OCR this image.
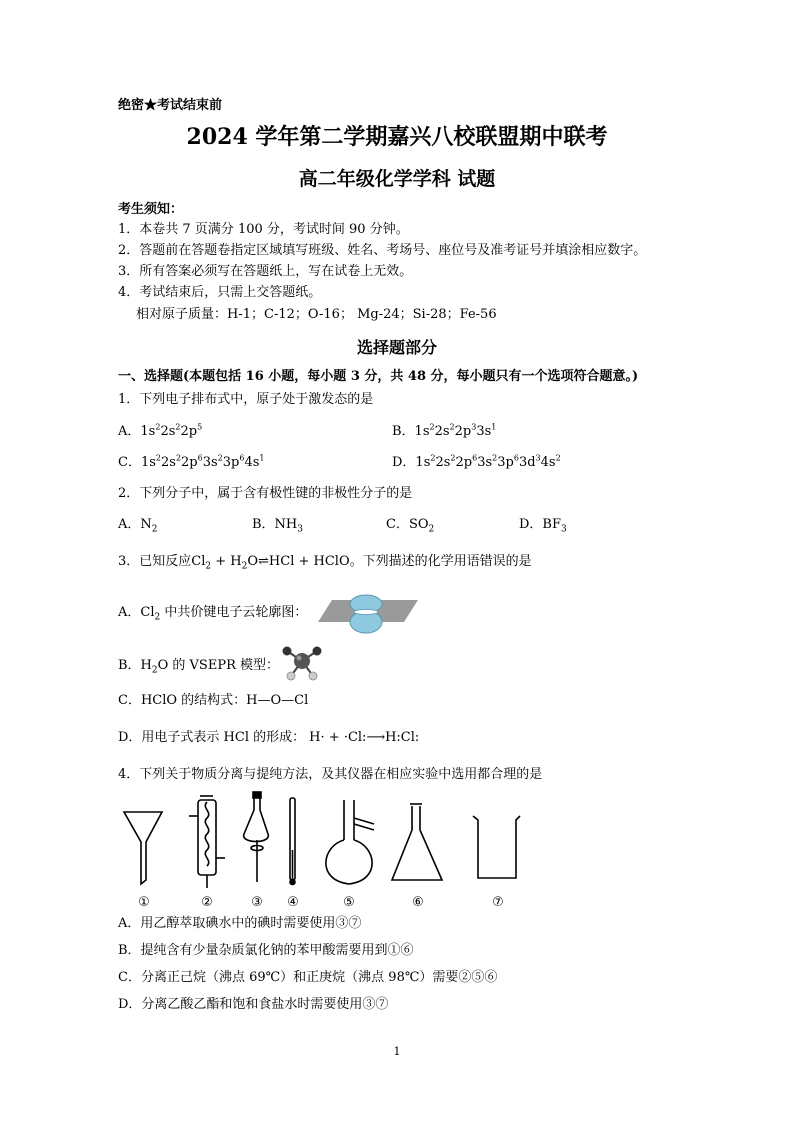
绝密★考试结束前
2024 学年第二学期嘉兴八校联盟期中联考
高二年级化学学科 试题
考生须知：
1．本卷共 7 页满分 100 分，考试时间 90 分钟。
2．答题前在答题卷指定区域填写班级、姓名、考场号、座位号及准考证号并填涂相应数字。
3．所有答案必须写在答题纸上，写在试卷上无效。
4．考试结束后，只需上交答题纸。
相对原子质量：H-1；C-12；O-16； Mg-24；Si-28；Fe-56
选择题部分
一、选择题(本题包括 16 小题，每小题 3 分，共 48 分，每小题只有一个选项符合题意。)
1．下列电子排布式中，原子处于激发态的是
A．$1s^22s^22p^5$	B．$1s^22s^22p^33s^1$
C．$1s^22s^22p^63s^23p^64s^1$	D．$1s^22s^22p^63s^23p^63d^34s^2$
2．下列分子中，属于含有极性键的非极性分子的是
A．$N_2$	B．$NH_3$	C．$SO_2$	D．$BF_3$
3．已知反应$Cl_2$ + $H_2O\rightleftharpoons HCl$ + HClO。下列描述的化学用语错误的是
A．$Cl_2$ 中共价键电子云轮廓图：
B．$H_2O$ 的 VSEPR 模型：
C．HClO 的结构式：H—O—Cl
D．用电子式表示 HCl 的形成： H· + ·Cl:⟶H:Cl:
4．下列关于物质分离与提纯方法，及其仪器在相应实验中选用都合理的是
①	②	③ ④	⑤	⑥	⑦
A．用乙醇萃取碘水中的碘时需要使用③⑦
B．提纯含有少量杂质氯化钠的苯甲酸需要用到①⑥
C．分离正己烷（沸点 69℃）和正庚烷（沸点 98℃）需要②⑤⑥
D．分离乙酸乙酯和饱和食盐水时需要使用③⑦
1
